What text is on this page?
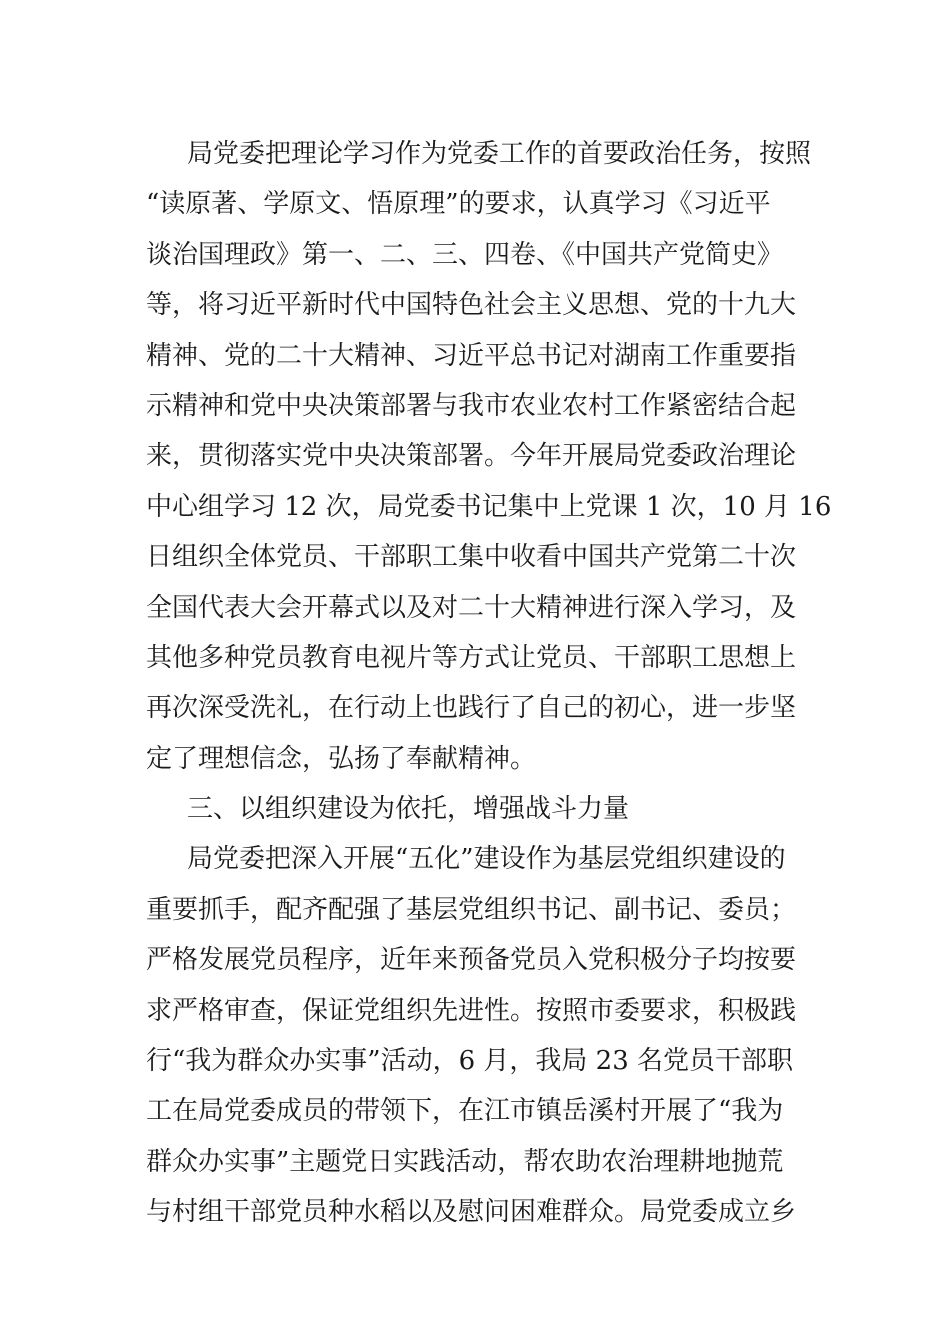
局党委把理论学习作为党委工作的首要政治任务，按照
“读原著、学原文、悟原理”的要求，认真学习《习近平
谈治国理政》第一、二、三、四卷、《中国共产党简史》
等，将习近平新时代中国特色社会主义思想、党的十九大
精神、党的二十大精神、习近平总书记对湖南工作重要指
示精神和党中央决策部署与我市农业农村工作紧密结合起
来，贯彻落实党中央决策部署。今年开展局党委政治理论
中心组学习 12 次，局党委书记集中上党课 1 次，10 月 16
日组织全体党员、干部职工集中收看中国共产党第二十次
全国代表大会开幕式以及对二十大精神进行深入学习，及
其他多种党员教育电视片等方式让党员、干部职工思想上
再次深受洗礼，在行动上也践行了自己的初心，进一步坚
定了理想信念，弘扬了奉献精神。
三、以组织建设为依托，增强战斗力量
局党委把深入开展“五化”建设作为基层党组织建设的
重要抓手，配齐配强了基层党组织书记、副书记、委员；
严格发展党员程序，近年来预备党员入党积极分子均按要
求严格审查，保证党组织先进性。按照市委要求，积极践
行“我为群众办实事”活动，6 月，我局 23 名党员干部职
工在局党委成员的带领下，在江市镇岳溪村开展了“我为
群众办实事”主题党日实践活动，帮农助农治理耕地抛荒
与村组干部党员种水稻以及慰问困难群众。局党委成立乡
